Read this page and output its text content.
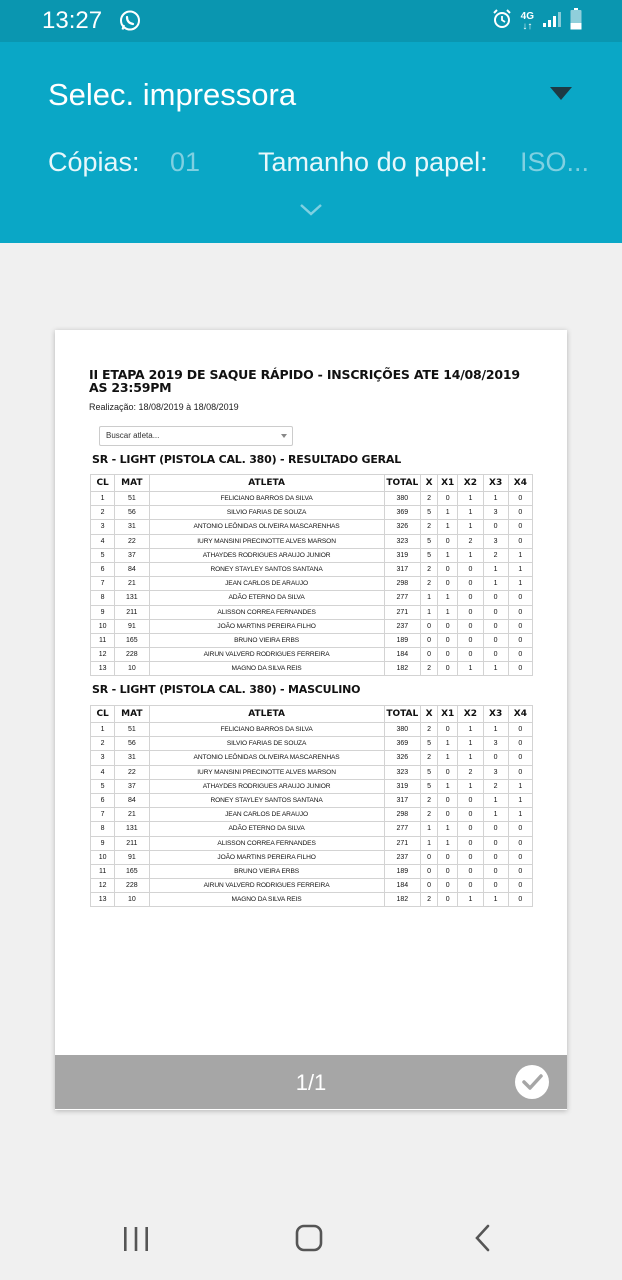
13:27	4G
↓↑
Selec. impressora
Cópias: 01 Tamanho do papel: ISO...
II ETAPA 2019 DE SAQUE RÁPIDO - INSCRIÇÕES ATE 14/08/2019 AS 23:59PM
Realização: 18/08/2019 à 18/08/2019
Buscar atleta...
SR - LIGHT (PISTOLA CAL. 380) - RESULTADO GERAL
CL	MAT	ATLETA	TOTAL	X	X1	X2	X3	X4
1	51	FELICIANO BARROS DA SILVA	380	2	0	1	1	0
2	56	SILVIO FARIAS DE SOUZA	369	5	1	1	3	0
3	31	ANTONIO LEÔNIDAS OLIVEIRA MASCARENHAS	326	2	1	1	0	0
4	22	IURY MANSINI PRECINOTTE ALVES MARSON	323	5	0	2	3	0
5	37	ATHAYDES RODRIGUES ARAUJO JUNIOR	319	5	1	1	2	1
6	84	RONEY STAYLEY SANTOS SANTANA	317	2	0	0	1	1
7	21	JEAN CARLOS DE ARAUJO	298	2	0	0	1	1
8	131	ADÃO ETERNO DA SILVA	277	1	1	0	0	0
9	211	ALISSON CORREA FERNANDES	271	1	1	0	0	0
10	91	JOÃO MARTINS PEREIRA FILHO	237	0	0	0	0	0
11	165	BRUNO VIEIRA ERBS	189	0	0	0	0	0
12	228	AIRUN VALVERD RODRIGUES FERREIRA	184	0	0	0	0	0
13	10	MAGNO DA SILVA REIS	182	2	0	1	1	0
SR - LIGHT (PISTOLA CAL. 380) - MASCULINO
CL	MAT	ATLETA	TOTAL	X	X1	X2	X3	X4
1	51	FELICIANO BARROS DA SILVA	380	2	0	1	1	0
2	56	SILVIO FARIAS DE SOUZA	369	5	1	1	3	0
3	31	ANTONIO LEÔNIDAS OLIVEIRA MASCARENHAS	326	2	1	1	0	0
4	22	IURY MANSINI PRECINOTTE ALVES MARSON	323	5	0	2	3	0
5	37	ATHAYDES RODRIGUES ARAUJO JUNIOR	319	5	1	1	2	1
6	84	RONEY STAYLEY SANTOS SANTANA	317	2	0	0	1	1
7	21	JEAN CARLOS DE ARAUJO	298	2	0	0	1	1
8	131	ADÃO ETERNO DA SILVA	277	1	1	0	0	0
9	211	ALISSON CORREA FERNANDES	271	1	1	0	0	0
10	91	JOÃO MARTINS PEREIRA FILHO	237	0	0	0	0	0
11	165	BRUNO VIEIRA ERBS	189	0	0	0	0	0
12	228	AIRUN VALVERD RODRIGUES FERREIRA	184	0	0	0	0	0
13	10	MAGNO DA SILVA REIS	182	2	0	1	1	0
1/1
